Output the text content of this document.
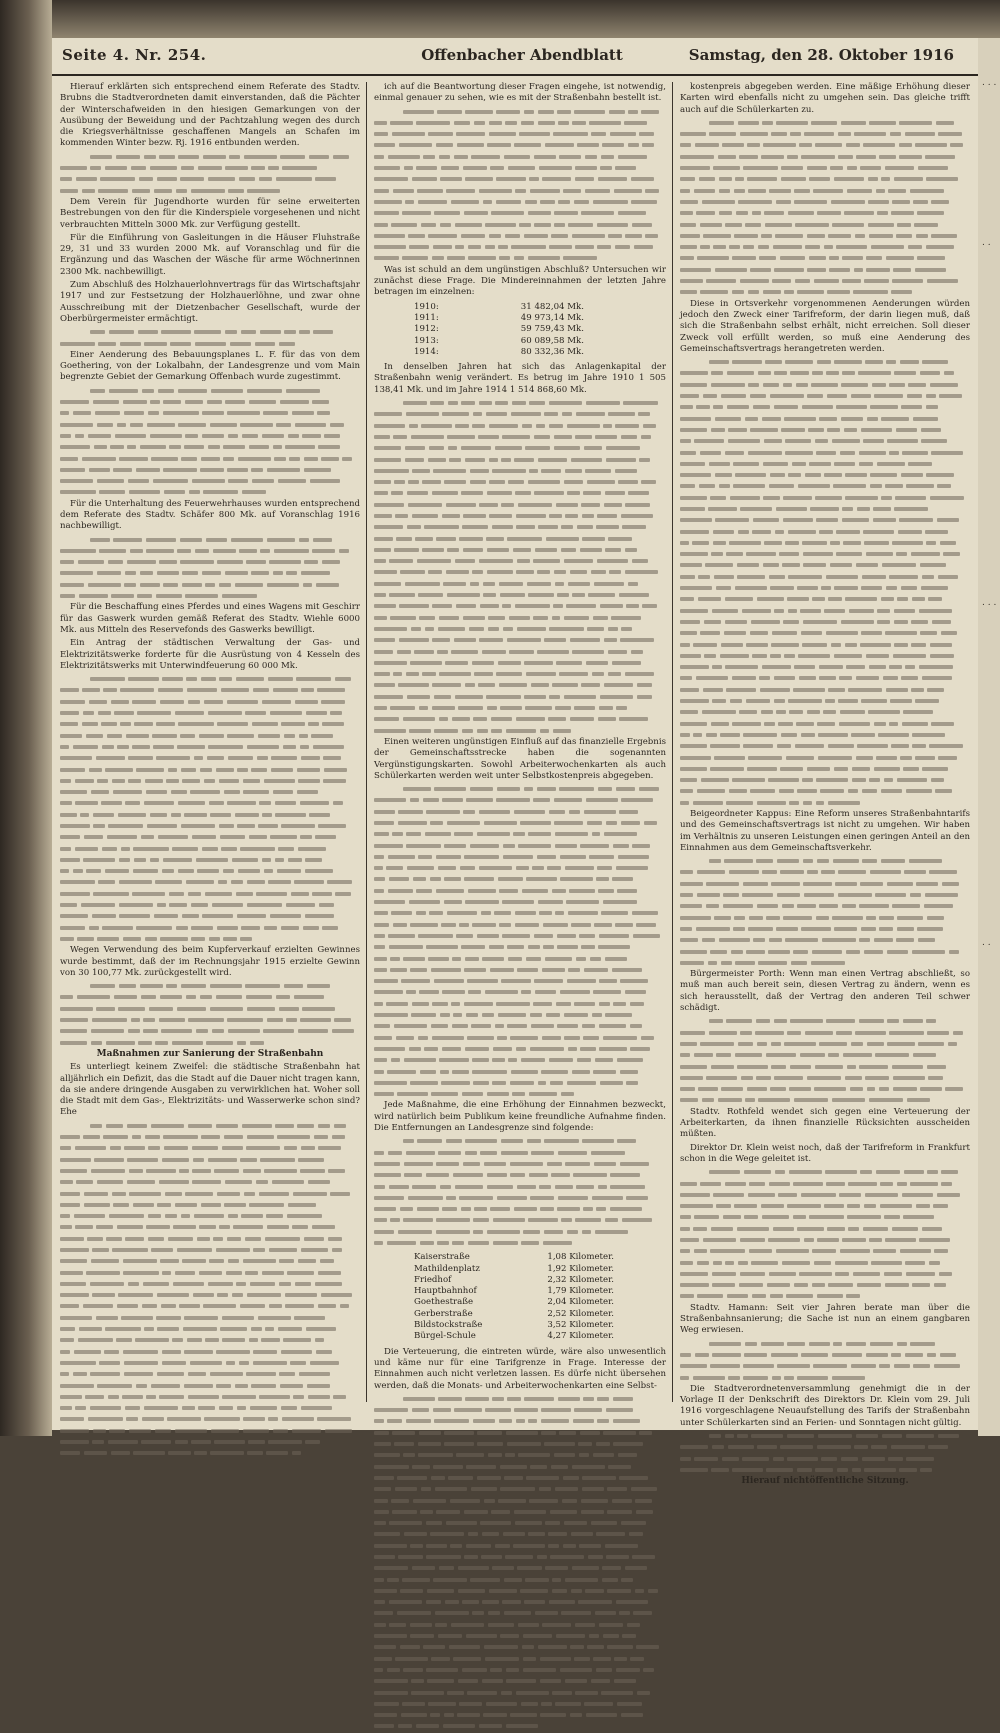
. . .
. .
. . .
. .
Seite 4. Nr. 254.	Offenbacher Abendblatt	Samstag, den 28. Oktober 1916

Hierauf erklärten sich entsprechend einem Referate des Stadtv. Brubns die Stadtverordneten damit einverstanden, daß die Pächter der Winterschafweiden in den hiesigen Gemarkungen von der Ausübung der Beweidung und der Pachtzahlung wegen des durch die Kriegsverhältnisse geschaffenen Mangels an Schafen im kommenden Winter bezw. Rj. 1916 entbunden werden.

Dem Verein für Jugendhorte wurden für seine erweiterten Bestrebungen von den für die Kinderspiele vorgesehenen und nicht verbrauchten Mitteln 3000 Mk. zur Verfügung gestellt.

Für die Einführung von Gasleitungen in die Häuser Fluhstraße 29, 31 und 33 wurden 2000 Mk. auf Voranschlag und für die Ergänzung und das Waschen der Wäsche für arme Wöchnerinnen 2300 Mk. nachbewilligt.

Zum Abschluß des Holzhauerlohnvertrags für das Wirtschaftsjahr 1917 und zur Festsetzung der Holzhauerlöhne, und zwar ohne Ausschreibung mit der Dietzenbacher Gesellschaft, wurde der Oberbürgermeister ermächtigt.

Einer Aenderung des Bebauungsplanes L. F. für das von dem Goethering, von der Lokalbahn, der Landesgrenze und vom Main begrenzte Gebiet der Gemarkung Offenbach wurde zugestimmt.

Für die Unterhaltung des Feuerwehrhauses wurden entsprechend dem Referate des Stadtv. Schäfer 800 Mk. auf Voranschlag 1916 nachbewilligt.

Für die Beschaffung eines Pferdes und eines Wagens mit Geschirr für das Gaswerk wurden gemäß Referat des Stadtv. Wiehle 6000 Mk. aus Mitteln des Reservefonds des Gaswerks bewilligt.

Ein Antrag der städtischen Verwaltung der Gas- und Elektrizitätswerke forderte für die Ausrüstung von 4 Kesseln des Elektrizitätswerks mit Unterwindfeuerung 60 000 Mk.

Wegen Verwendung des beim Kupferverkauf erzielten Gewinnes wurde bestimmt, daß der im Rechnungsjahr 1915 erzielte Gewinn von 30 100,77 Mk. zurückgestellt wird.

Maßnahmen zur Sanierung der Straßenbahn

Es unterliegt keinem Zweifel: die städtische Straßenbahn hat alljährlich ein Defizit, das die Stadt auf die Dauer nicht tragen kann, da sie andere dringende Ausgaben zu verwirklichen hat. Woher soll die Stadt mit dem Gas-, Elektrizitäts- und Wasserwerke schon sind? Ehe

ich auf die Beantwortung dieser Fragen eingehe, ist notwendig, einmal genauer zu sehen, wie es mit der Straßenbahn bestellt ist.

Was ist schuld an dem ungünstigen Abschluß? Untersuchen wir zunächst diese Frage. Die Mindereinnahmen der letzten Jahre betragen im einzelnen:

1910:	31 482,04 Mk.
1911:	49 973,14 Mk.
1912:	59 759,43 Mk.
1913:	60 089,58 Mk.
1914:	80 332,36 Mk.

In denselben Jahren hat sich das Anlagenkapital der Straßenbahn wenig verändert. Es betrug im Jahre 1910 1 505 138,41 Mk. und im Jahre 1914 1 514 868,60 Mk.

Einen weiteren ungünstigen Einfluß auf das finanzielle Ergebnis der Gemeinschaftsstrecke haben die sogenannten Vergünstigungskarten. Sowohl Arbeiterwochenkarten als auch Schülerkarten werden weit unter Selbstkostenpreis abgegeben.

Jede Maßnahme, die eine Erhöhung der Einnahmen bezweckt, wird natürlich beim Publikum keine freundliche Aufnahme finden. Die Entfernungen an Landesgrenze sind folgende:

Kaiserstraße	1,08 Kilometer.
Mathildenplatz	1,92 Kilometer.
Friedhof	2,32 Kilometer.
Hauptbahnhof	1,79 Kilometer.
Goethestraße	2,04 Kilometer.
Gerberstraße	2,52 Kilometer.
Bildstockstraße	3,52 Kilometer.
Bürgel-Schule	4,27 Kilometer.

Die Verteuerung, die eintreten würde, wäre also unwesentlich und käme nur für eine Tarifgrenze in Frage. Interesse der Einnahmen auch nicht verletzen lassen. Es dürfe nicht übersehen werden, daß die Monats- und Arbeiterwochenkarten eine Selbst-

kostenpreis abgegeben werden. Eine mäßige Erhöhung dieser Karten wird ebenfalls nicht zu umgehen sein. Das gleiche trifft auch auf die Schülerkarten zu.

Diese in Ortsverkehr vorgenommenen Aenderungen würden jedoch den Zweck einer Tarifreform, der darin liegen muß, daß sich die Straßenbahn selbst erhält, nicht erreichen. Soll dieser Zweck voll erfüllt werden, so muß eine Aenderung des Gemeinschaftsvertrags herangetreten werden.

Beigeordneter Kappus: Eine Reform unseres Straßenbahntarifs und des Gemeinschaftsvertrags ist nicht zu umgehen. Wir haben im Verhältnis zu unseren Leistungen einen geringen Anteil an den Einnahmen aus dem Gemeinschaftsverkehr.

Bürgermeister Porth: Wenn man einen Vertrag abschließt, so muß man auch bereit sein, diesen Vertrag zu ändern, wenn es sich herausstellt, daß der Vertrag den anderen Teil schwer schädigt.

Stadtv. Rothfeld wendet sich gegen eine Verteuerung der Arbeiterkarten, da ihnen finanzielle Rücksichten ausscheiden müßten.

Direktor Dr. Klein weist noch, daß der Tarifreform in Frankfurt schon in die Wege geleitet ist.

Stadtv. Hamann: Seit vier Jahren berate man über die Straßenbahnsanierung; die Sache ist nun an einem gangbaren Weg erwiesen.

Die Stadtverordnetenversammlung genehmigt die in der Vorlage II der Denkschrift des Direktors Dr. Klein vom 29. Juli 1916 vorgeschlagene Neuaufstellung des Tarifs der Straßenbahn unter Schülerkarten sind an Ferien- und Sonntagen nicht gültig.

Hierauf nichtöffentliche Sitzung.
